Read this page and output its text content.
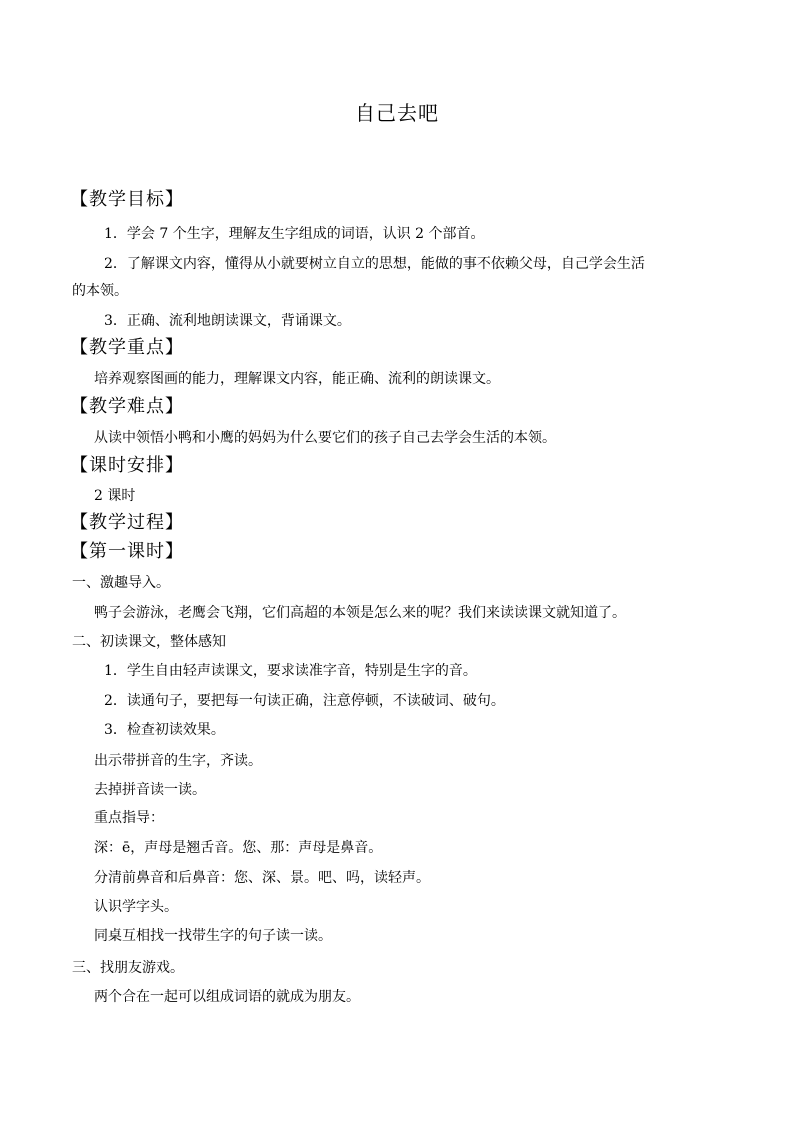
自己去吧
【教学目标】
1．学会 7 个生字，理解友生字组成的词语，认识 2 个部首。
2．了解课文内容，懂得从小就要树立自立的思想，能做的事不依赖父母，自己学会生活
的本领。
3．正确、流利地朗读课文，背诵课文。
【教学重点】
培养观察图画的能力，理解课文内容，能正确、流利的朗读课文。
【教学难点】
从读中领悟小鸭和小鹰的妈妈为什么要它们的孩子自己去学会生活的本领。
【课时安排】
2 课时
【教学过程】
【第一课时】
一、激趣导入。
鸭子会游泳，老鹰会飞翔，它们高超的本领是怎么来的呢？我们来读读课文就知道了。
二、初读课文，整体感知
1．学生自由轻声读课文，要求读准字音，特别是生字的音。
2．读通句子，要把每一句读正确，注意停顿，不读破词、破句。
3．检查初读效果。
出示带拼音的生字，齐读。
去掉拼音读一读。
重点指导：
深：ē，声母是翘舌音。您、那：声母是鼻音。
分清前鼻音和后鼻音：您、深、景。吧、吗，读轻声。
认识学字头。
同桌互相找一找带生字的句子读一读。
三、找朋友游戏。
两个合在一起可以组成词语的就成为朋友。
